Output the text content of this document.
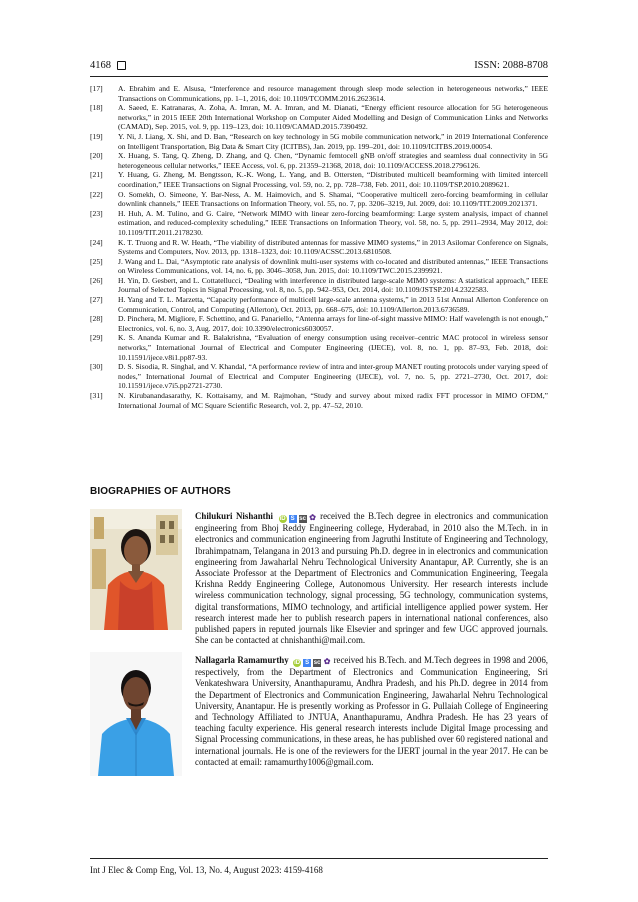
4168	ISSN: 2088-8708
[17]	A. Ebrahim and E. Alsusa, “Interference and resource management through sleep mode selection in heterogeneous networks,” IEEE Transactions on Communications, pp. 1–1, 2016, doi: 10.1109/TCOMM.2016.2623614.
[18]	A. Saeed, E. Katranaras, A. Zoha, A. Imran, M. A. Imran, and M. Dianati, “Energy efficient resource allocation for 5G heterogeneous networks,” in 2015 IEEE 20th International Workshop on Computer Aided Modelling and Design of Communication Links and Networks (CAMAD), Sep. 2015, vol. 9, pp. 119–123, doi: 10.1109/CAMAD.2015.7390492.
[19]	Y. Ni, J. Liang, X. Shi, and D. Ban, “Research on key technology in 5G mobile communication network,” in 2019 International Conference on Intelligent Transportation, Big Data & Smart City (ICITBS), Jan. 2019, pp. 199–201, doi: 10.1109/ICITBS.2019.00054.
[20]	X. Huang, S. Tang, Q. Zheng, D. Zhang, and Q. Chen, “Dynamic femtocell gNB on/off strategies and seamless dual connectivity in 5G heterogeneous cellular networks,” IEEE Access, vol. 6, pp. 21359–21368, 2018, doi: 10.1109/ACCESS.2018.2796126.
[21]	Y. Huang, G. Zheng, M. Bengtsson, K.-K. Wong, L. Yang, and B. Ottersten, “Distributed multicell beamforming with limited intercell coordination,” IEEE Transactions on Signal Processing, vol. 59, no. 2, pp. 728–738, Feb. 2011, doi: 10.1109/TSP.2010.2089621.
[22]	O. Somekh, O. Simeone, Y. Bar-Ness, A. M. Haimovich, and S. Shamai, “Cooperative multicell zero-forcing beamforming in cellular downlink channels,” IEEE Transactions on Information Theory, vol. 55, no. 7, pp. 3206–3219, Jul. 2009, doi: 10.1109/TIT.2009.2021371.
[23]	H. Huh, A. M. Tulino, and G. Caire, “Network MIMO with linear zero-forcing beamforming: Large system analysis, impact of channel estimation, and reduced-complexity scheduling,” IEEE Transactions on Information Theory, vol. 58, no. 5, pp. 2911–2934, May 2012, doi: 10.1109/TIT.2011.2178230.
[24]	K. T. Truong and R. W. Heath, “The viability of distributed antennas for massive MIMO systems,” in 2013 Asilomar Conference on Signals, Systems and Computers, Nov. 2013, pp. 1318–1323, doi: 10.1109/ACSSC.2013.6810508.
[25]	J. Wang and L. Dai, “Asymptotic rate analysis of downlink multi-user systems with co-located and distributed antennas,” IEEE Transactions on Wireless Communications, vol. 14, no. 6, pp. 3046–3058, Jun. 2015, doi: 10.1109/TWC.2015.2399921.
[26]	H. Yin, D. Gesbert, and L. Cottatellucci, “Dealing with interference in distributed large-scale MIMO systems: A statistical approach,” IEEE Journal of Selected Topics in Signal Processing, vol. 8, no. 5, pp. 942–953, Oct. 2014, doi: 10.1109/JSTSP.2014.2322583.
[27]	H. Yang and T. L. Marzetta, “Capacity performance of multicell large-scale antenna systems,” in 2013 51st Annual Allerton Conference on Communication, Control, and Computing (Allerton), Oct. 2013, pp. 668–675, doi: 10.1109/Allerton.2013.6736589.
[28]	D. Pinchera, M. Migliore, F. Schettino, and G. Panariello, “Antenna arrays for line-of-sight massive MIMO: Half wavelength is not enough,” Electronics, vol. 6, no. 3, Aug. 2017, doi: 10.3390/electronics6030057.
[29]	K. S. Ananda Kumar and R. Balakrishna, “Evaluation of energy consumption using receiver–centric MAC protocol in wireless sensor networks,” International Journal of Electrical and Computer Engineering (IJECE), vol. 8, no. 1, pp. 87–93, Feb. 2018, doi: 10.11591/ijece.v8i1.pp87-93.
[30]	D. S. Sisodia, R. Singhal, and V. Khandal, “A performance review of intra and inter-group MANET routing protocols under varying speed of nodes,” International Journal of Electrical and Computer Engineering (IJECE), vol. 7, no. 5, pp. 2721–2730, Oct. 2017, doi: 10.11591/ijece.v7i5.pp2721-2730.
[31]	N. Kirubanandasarathy, K. Kottaisamy, and M. Rajmohan, “Study and survey about mixed radix FFT processor in MIMO OFDM,” International Journal of MC Square Scientific Research, vol. 2, pp. 47–52, 2010.
BIOGRAPHIES OF AUTHORS
Chilukuri Nishanthi iD S sc ✿ received the B.Tech degree in electronics and communication engineering from Bhoj Reddy Engineering college, Hyderabad, in 2010 also the M.Tech. in in electronics and communication engineering from Jagruthi Institute of Engineering and Technology, Ibrahimpatnam, Telangana in 2013 and pursuing Ph.D. degree in in electronics and communication engineering from Jawaharlal Nehru Technological University Anantapur, AP. Currently, she is an Associate Professor at the Department of Electronics and Communication Engineering, Teegala Krishna Reddy Engineering College, Autonomous University. Her research interests include wireless communication technology, signal processing, 5G technology, communication systems, digital transformations, MIMO technology, and artificial intelligence applied power system. Her research interest made her to publish research papers in international national conferences, also published papers in reputed journals like Elsevier and springer and few UGC approved journals. She can be contacted at chnishanthi@mail.com.
Nallagarla Ramamurthy iD S sc ✿ received his B.Tech. and M.Tech degrees in 1998 and 2006, respectively, from the Department of Electronics and Communication Engineering, Sri Venkateshwara University, Ananthapuramu, Andhra Pradesh, and his Ph.D. degree in 2014 from the Department of Electronics and Communication Engineering, Jawaharlal Nehru Technological University, Anantapur. He is presently working as Professor in G. Pullaiah College of Engineering and Technology Affiliated to JNTUA, Ananthapuramu, Andhra Pradesh. He has 23 years of teaching faculty experience. His general research interests include Digital Image processing and Signal Processing communications, in these areas, he has published over 60 registered national and international journals. He is one of the reviewers for the IJERT journal in the year 2017. He can be contacted at email: ramamurthy1006@gmail.com.
Int J Elec & Comp Eng, Vol. 13, No. 4, August 2023: 4159-4168
